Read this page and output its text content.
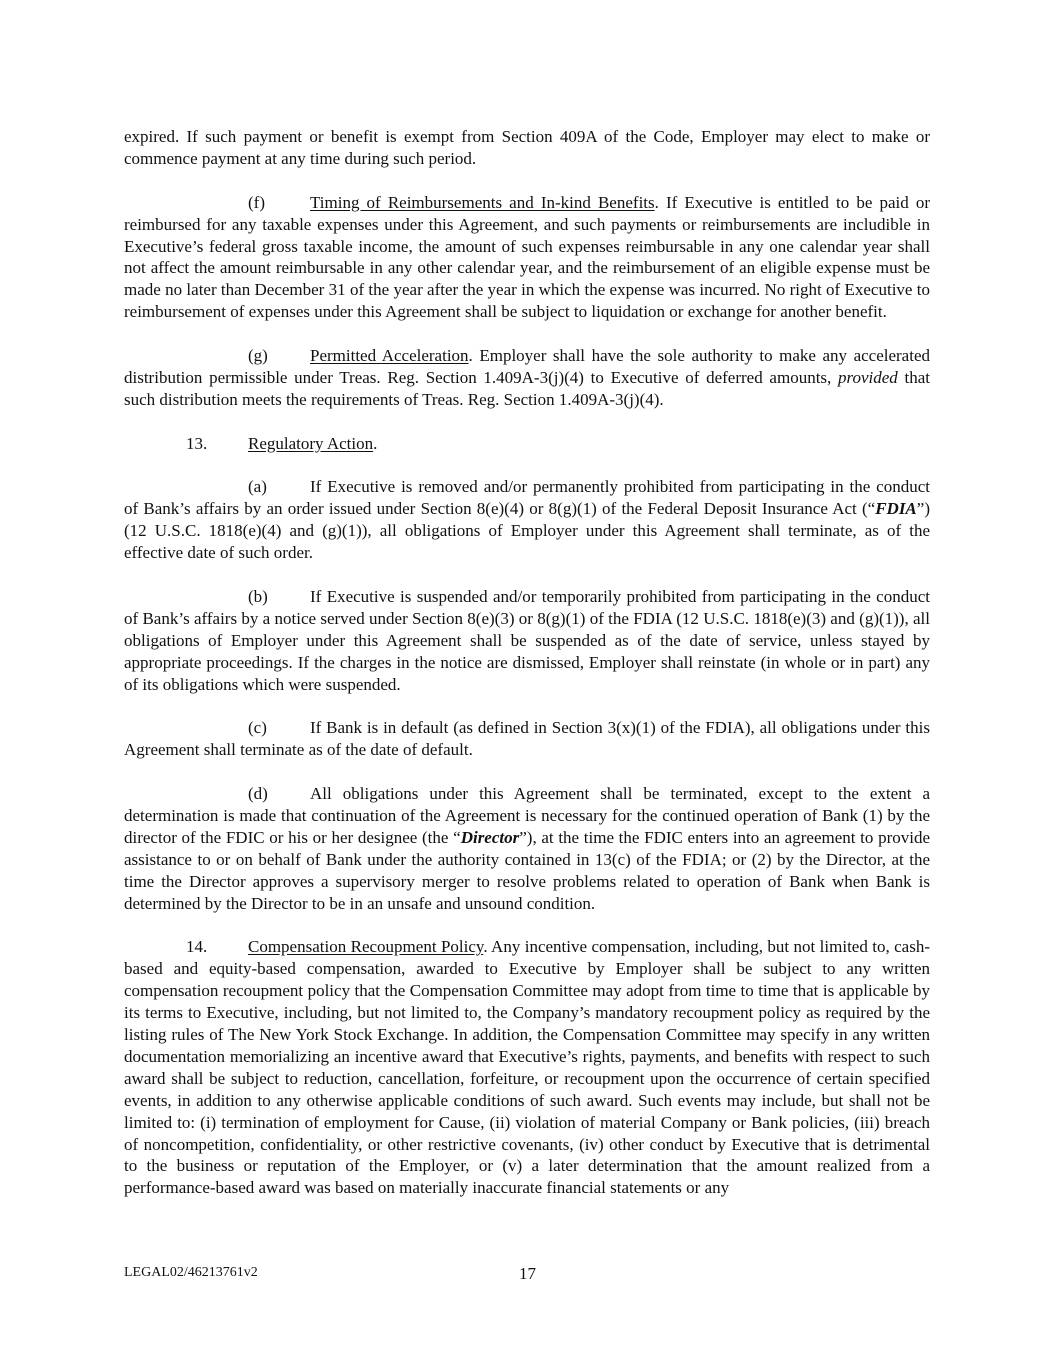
expired. If such payment or benefit is exempt from Section 409A of the Code, Employer may elect to make or commence payment at any time during such period.

(f)	Timing of Reimbursements and In-kind Benefits. If Executive is entitled to be paid or reimbursed for any taxable expenses under this Agreement, and such payments or reimbursements are includible in Executive’s federal gross taxable income, the amount of such expenses reimbursable in any one calendar year shall not affect the amount reimbursable in any other calendar year, and the reimbursement of an eligible expense must be made no later than December 31 of the year after the year in which the expense was incurred. No right of Executive to reimbursement of expenses under this Agreement shall be subject to liquidation or exchange for another benefit.

(g) Permitted Acceleration. Employer shall have the sole authority to make any accelerated distribution permissible under Treas. Reg. Section 1.409A-3(j)(4) to Executive of deferred amounts, provided that such distribution meets the requirements of Treas. Reg. Section 1.409A-3(j)(4).

13. Regulatory Action.

(a)	If Executive is removed and/or permanently prohibited from participating in the conduct of Bank’s affairs by an order issued under Section 8(e)(4) or 8(g)(1) of the Federal Deposit Insurance Act (“FDIA”) (12 U.S.C. 1818(e)(4) and (g)(1)), all obligations of Employer under this Agreement shall terminate, as of the effective date of such order.

(b) If Executive is suspended and/or temporarily prohibited from participating in the conduct of Bank’s affairs by a notice served under Section 8(e)(3) or 8(g)(1) of the FDIA (12 U.S.C. 1818(e)(3) and (g)(1)), all obligations of Employer under this Agreement shall be suspended as of the date of service, unless stayed by appropriate proceedings. If the charges in the notice are dismissed, Employer shall reinstate (in whole or in part) any of its obligations which were suspended.

(c)	If Bank is in default (as defined in Section 3(x)(1) of the FDIA), all obligations under this Agreement shall terminate as of the date of default.

(d) All obligations under this Agreement shall be terminated, except to the extent a determination is made that continuation of the Agreement is necessary for the continued operation of Bank (1) by the director of the FDIC or his or her designee (the “Director”), at the time the FDIC enters into an agreement to provide assistance to or on behalf of Bank under the authority contained in 13(c) of the FDIA; or (2) by the Director, at the time the Director approves a supervisory merger to resolve problems related to operation of Bank when Bank is determined by the Director to be in an unsafe and unsound condition.

14. Compensation Recoupment Policy. Any incentive compensation, including, but not limited to, cash-based and equity-based compensation, awarded to Executive by Employer shall be subject to any written compensation recoupment policy that the Compensation Committee may adopt from time to time that is applicable by its terms to Executive, including, but not limited to, the Company’s mandatory recoupment policy as required by the listing rules of The New York Stock Exchange. In addition, the Compensation Committee may specify in any written documentation memorializing an incentive award that Executive’s rights, payments, and benefits with respect to such award shall be subject to reduction, cancellation, forfeiture, or recoupment upon the occurrence of certain specified events, in addition to any otherwise applicable conditions of such award. Such events may include, but shall not be limited to: (i) termination of employment for Cause, (ii) violation of material Company or Bank policies, (iii) breach of noncompetition, confidentiality, or other restrictive covenants, (iv) other conduct by Executive that is detrimental to the business or reputation of the Employer, or (v) a later determination that the amount realized from a performance-based award was based on materially inaccurate financial statements or any

LEGAL02/46213761v2	17
